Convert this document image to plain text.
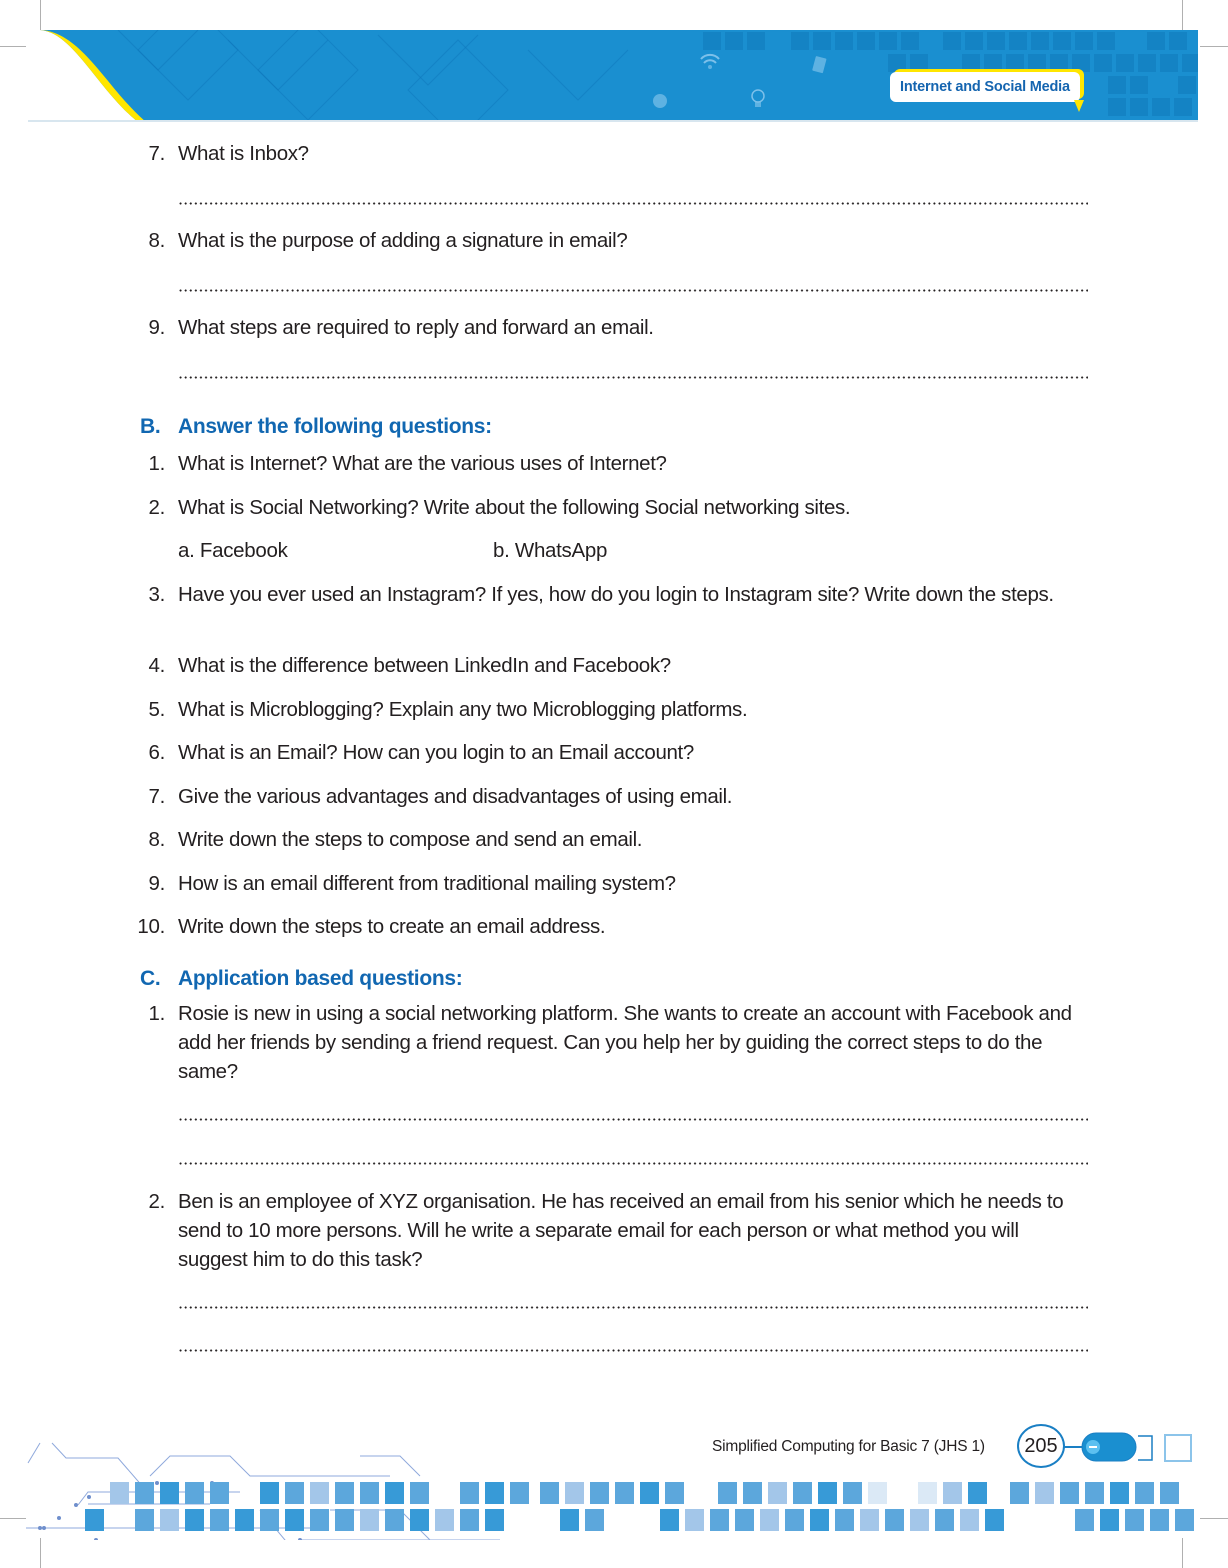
Internet and Social Media
7. What is Inbox?
8. What is the purpose of adding a signature in email?
9. What steps are required to reply and forward an email.
B. Answer the following questions:
1. What is Internet? What are the various uses of Internet?
2. What is Social Networking? Write about the following Social networking sites.
a. Facebook	b. WhatsApp
3. Have you ever used an Instagram? If yes, how do you login to Instagram site? Write down the steps.
4. What is the difference between LinkedIn and Facebook?
5. What is Microblogging? Explain any two Microblogging platforms.
6. What is an Email? How can you login to an Email account?
7. Give the various advantages and disadvantages of using email.
8. Write down the steps to compose and send an email.
9. How is an email different from traditional mailing system?
10. Write down the steps to create an email address.
C. Application based questions:
1. Rosie is new in using a social networking platform. She wants to create an account with Facebook and add her friends by sending a friend request. Can you help her by guiding the correct steps to do the same?
2. Ben is an employee of XYZ organisation. He has received an email from his senior which he needs to send to 10 more persons. Will he write a separate email for each person or what method you will suggest him to do this task?
Simplified Computing for Basic 7 (JHS 1)	205
